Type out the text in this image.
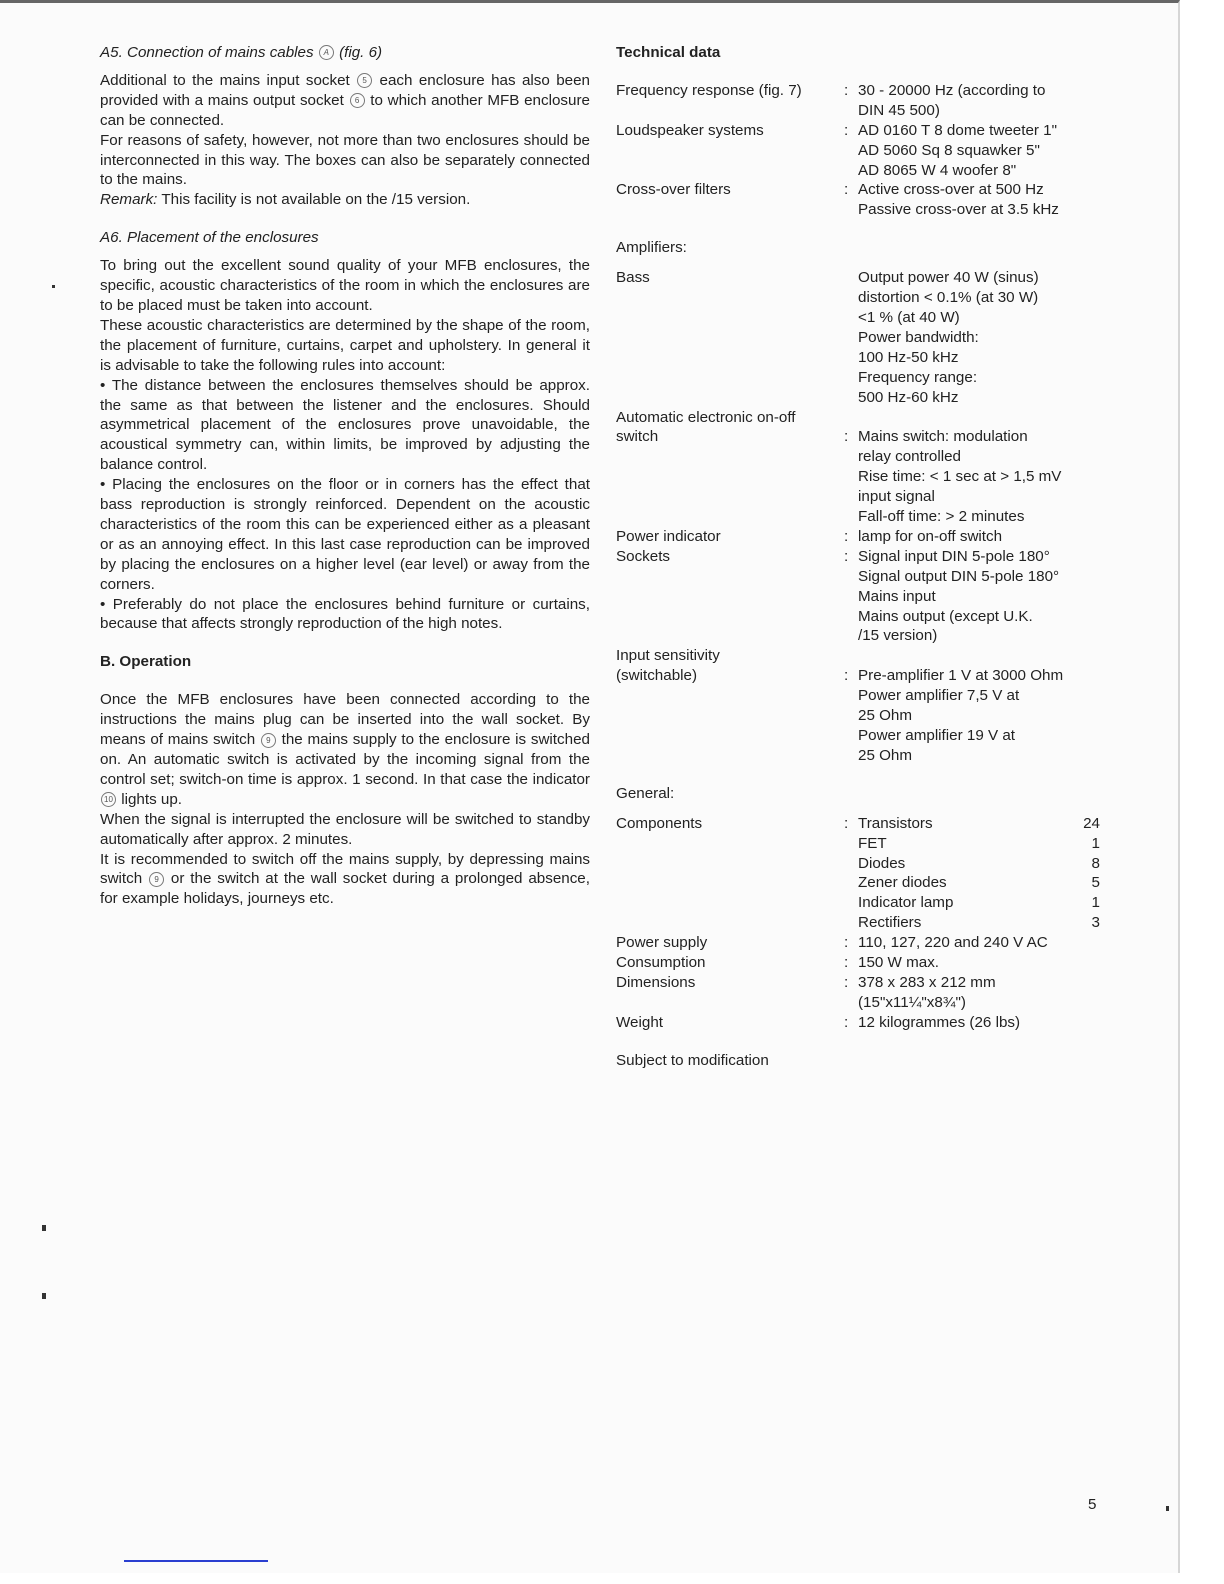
A5. Connection of mains cables A (fig. 6)

Additional to the mains input socket 5 each enclosure has also been provided with a mains output socket 6 to which another MFB enclosure can be connected.

For reasons of safety, however, not more than two enclosures should be interconnected in this way. The boxes can also be separately connected to the mains.

Remark: This facility is not available on the /15 version.

A6. Placement of the enclosures

To bring out the excellent sound quality of your MFB enclosures, the specific, acoustic characteristics of the room in which the enclosures are to be placed must be taken into account.

These acoustic characteristics are determined by the shape of the room, the placement of furniture, curtains, carpet and upholstery. In general it is advisable to take the following rules into account:

• The distance between the enclosures themselves should be approx. the same as that between the listener and the enclosures. Should asymmetrical placement of the enclosures prove unavoidable, the acoustical symmetry can, within limits, be improved by adjusting the balance control.

• Placing the enclosures on the floor or in corners has the effect that bass reproduction is strongly reinforced. Dependent on the acoustic characteristics of the room this can be experienced either as a pleasant or as an annoying effect. In this last case reproduction can be improved by placing the enclosures on a higher level (ear level) or away from the corners.

• Preferably do not place the enclosures behind furniture or curtains, because that affects strongly reproduction of the high notes.

B. Operation

Once the MFB enclosures have been connected according to the instructions the mains plug can be inserted into the wall socket. By means of mains switch 9 the mains supply to the enclosure is switched on. An automatic switch is activated by the incoming signal from the control set; switch-on time is approx. 1 second. In that case the indicator 10 lights up.

When the signal is interrupted the enclosure will be switched to standby automatically after approx. 2 minutes.

It is recommended to switch off the mains supply, by depressing mains switch 9 or the switch at the wall socket during a prolonged absence, for example holidays, journeys etc.

Technical data
Frequency response (fig. 7)	: 30 - 20000 Hz (according to
DIN 45 500)
Loudspeaker systems	: AD 0160 T 8 dome tweeter 1"
AD 5060 Sq 8 squawker 5"
AD 8065 W 4 woofer 8"
Cross-over filters	: Active cross-over at 500 Hz
Passive cross-over at 3.5 kHz
Amplifiers:
Bass	Output power 40 W (sinus)
distortion < 0.1% (at 30 W)
<1 % (at 40 W)
Power bandwidth:
100 Hz-50 kHz
Frequency range:
500 Hz-60 kHz
Automatic electronic on-off
switch	: Mains switch: modulation
relay controlled
Rise time: < 1 sec at > 1,5 mV
input signal
Fall-off time: > 2 minutes
Power indicator	: lamp for on-off switch
Sockets	: Signal input DIN 5-pole 180°
Signal output DIN 5-pole 180°
Mains input
Mains output (except U.K.
/15 version)
Input sensitivity
(switchable)	: Pre-amplifier 1 V at 3000 Ohm
Power amplifier 7,5 V at
25 Ohm
Power amplifier 19 V at
25 Ohm
General:
Components	: Transistors	24
FET	1
Diodes	8
Zener diodes	5
Indicator lamp	1
Rectifiers	3
Power supply	: 110, 127, 220 and 240 V AC
Consumption	: 150 W max.
Dimensions	: 378 x 283 x 212 mm
(15"x11¼"x8¾")
Weight	: 12 kilogrammes (26 lbs)
Subject to modification
5
